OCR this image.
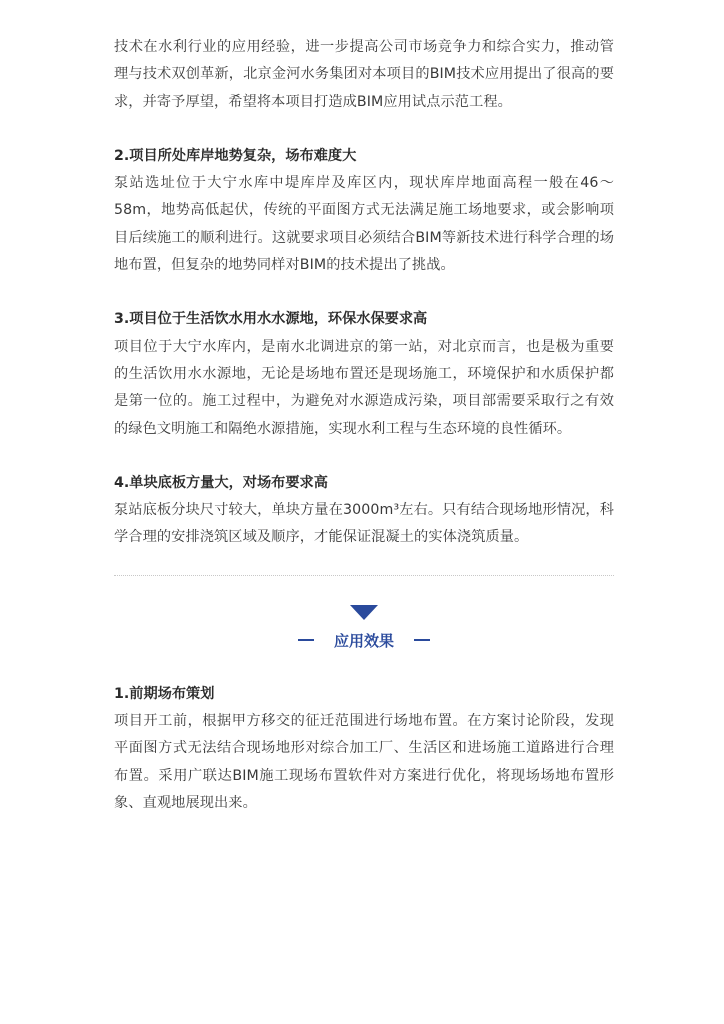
技术在水利行业的应用经验，进一步提高公司市场竞争力和综合实力，推动管理与技术双创革新，北京金河水务集团对本项目的BIM技术应用提出了很高的要求，并寄予厚望，希望将本项目打造成BIM应用试点示范工程。

2.项目所处库岸地势复杂，场布难度大

泵站选址位于大宁水库中堤库岸及库区内，现状库岸地面高程一般在46～58m，地势高低起伏，传统的平面图方式无法满足施工场地要求，或会影响项目后续施工的顺利进行。这就要求项目必须结合BIM等新技术进行科学合理的场地布置，但复杂的地势同样对BIM的技术提出了挑战。

3.项目位于生活饮水用水水源地，环保水保要求高

项目位于大宁水库内，是南水北调进京的第一站，对北京而言，也是极为重要的生活饮用水水源地，无论是场地布置还是现场施工，环境保护和水质保护都是第一位的。施工过程中，为避免对水源造成污染，项目部需要采取行之有效的绿色文明施工和隔绝水源措施，实现水利工程与生态环境的良性循环。

4.单块底板方量大，对场布要求高

泵站底板分块尺寸较大，单块方量在3000m³左右。只有结合现场地形情况，科学合理的安排浇筑区域及顺序，才能保证混凝土的实体浇筑质量。

应用效果

1.前期场布策划

项目开工前，根据甲方移交的征迁范围进行场地布置。在方案讨论阶段，发现平面图方式无法结合现场地形对综合加工厂、生活区和进场施工道路进行合理布置。采用广联达BIM施工现场布置软件对方案进行优化，将现场场地布置形象、直观地展现出来。
